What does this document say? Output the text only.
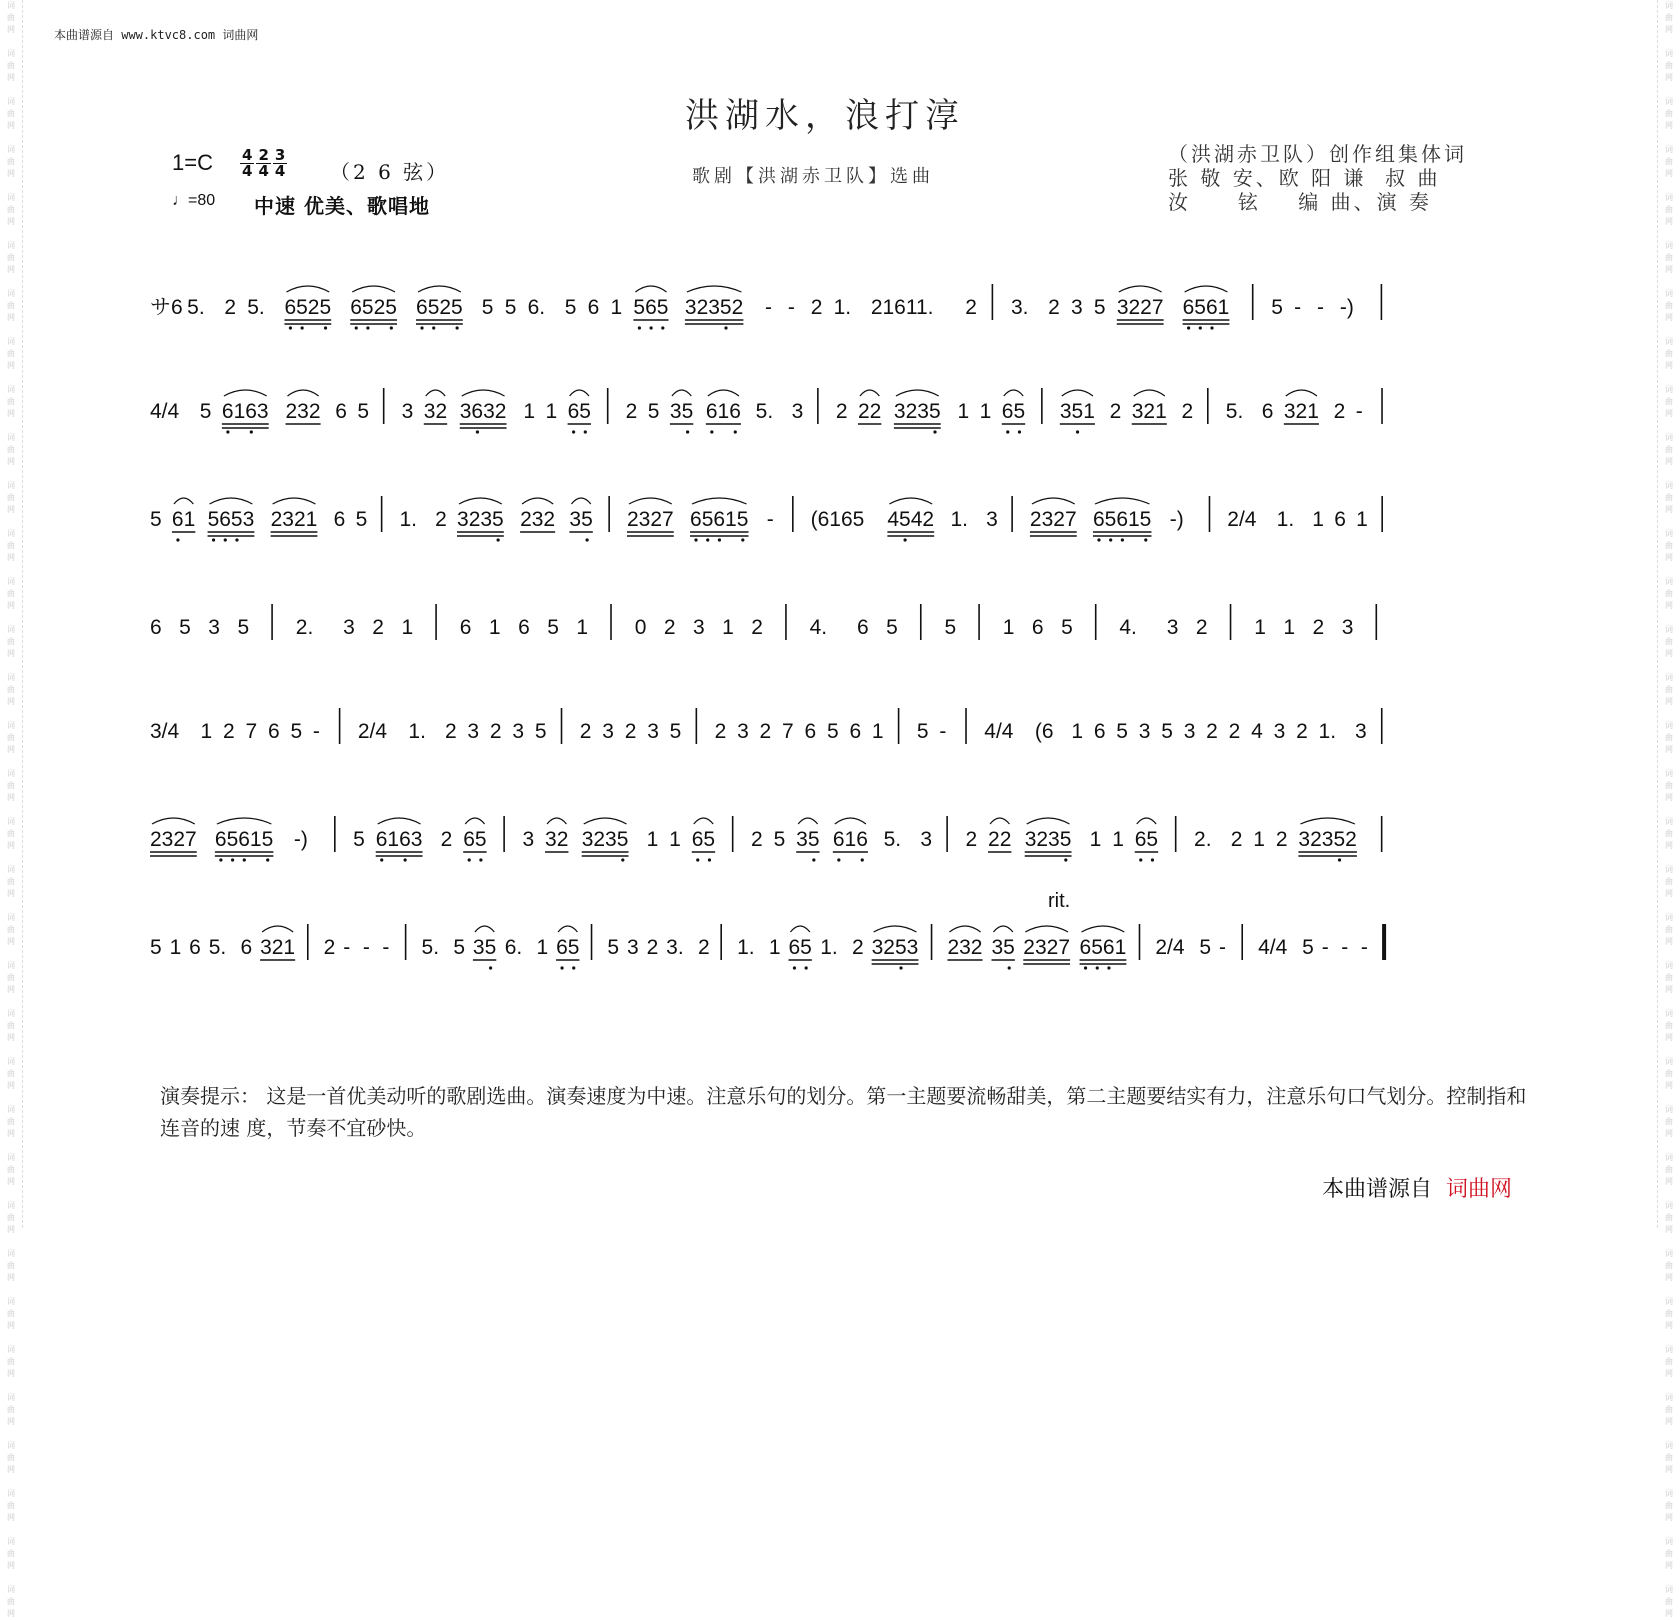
词
曲
网

词
曲
网

词
曲
网

词
曲
网

词
曲
网

词
曲
网

词
曲
网

词
曲
网

词
曲
网

词
曲
网

词
曲
网

词
曲
网

词
曲
网

词
曲
网

词
曲
网

词
曲
网

词
曲
网

词
曲
网

词
曲
网

词
曲
网

词
曲
网

词
曲
网

词
曲
网

词
曲
网

词
曲
网

词
曲
网

词
曲
网

词
曲
网

词
曲
网

词
曲
网

词
曲
网

词
曲
网

词
曲
网

词
曲
网

词
曲
网

词
曲
网

词
曲
网

词
曲
网

词
曲
网

词
曲
网

词
曲
网

词
曲
网

词
曲
网

词
曲
网

词
曲
网

词
曲
网

词
曲
网

词
曲
网

词
曲
网

词
曲
网

词
曲
网

词
曲
网

词
曲
网

词
曲
网

词
曲
网

词
曲
网

词
曲
网

词
曲
网

词
曲
网

词
曲
网

词
曲
网

词
曲
网

词
曲
网

词
曲
网

词
曲
网

词
曲
网

词
曲
网

词
曲
网

本曲谱源自 www.ktvc8.com 词曲网
洪湖水，浪打淳
$1=C \frac{4}{4} \frac{2}{4} \frac{3}{4} (2$ 6 弦）
♩=80 中速 优美、歌唱地
歌剧【洪湖赤卫队】选曲
（洪湖赤卫队）创作组集体词
张 敬 安、欧 阳 谦  叔 曲
汝     铉    编 曲、演 奏
サ6 5. 2 5. 6525 6525 6525 5 5 6. 5 6 1 565 32352 - - 2 1. 21611. 2 3. 2 3 5 3227 6561 5 - - -)
4/4 5 6163 232 6 5 3 32 3632 1 1 65 2 5 35 616 5. 3 2 22 3235 1 1 65 351 2 321 2 5. 6 321 2 -
5 61 5653 2321 6 5 1. 2 3235 232 35 2327 65615 - (6165 4542 1. 3 2327 65615 -) 2/4 1. 1 6 1
6 5 3 5 2. 3 2 1 6 1 6 5 1 0 2 3 1 2 4. 6 5 5 1 6 5 4. 3 2 1 1 2 3
3/4 1 2 7 6 5 - 2/4 1. 2 3 2 3 5 2 3 2 3 5 2 3 2 7 6 5 6 1 5 - 4/4 (6 1 6 5 3 5 3 2 2 4 3 2 1. 3
2327 65615 -) 5 6163 2 65 3 32 3235 1 1 65 2 5 35 616 5. 3 2 22 3235 1 1 65 2. 2 1 2 32352
5 1 6 5. 6 321 2 - - - 5. 5 35 6. 1 65 5 3 2 3. 2 1. 1 65 1. 2 3253 232 35 2327 6561 2/4 5 - 4/4 5 - - -
rit.
演奏提示： 这是一首优美动听的歌剧选曲。演奏速度为中速。注意乐句的划分。第一主题要流畅甜美，第二主题要结实有力，注意乐句口气划分。控制指和连音的速 度，节奏不宜砂快。
本曲谱源自 词曲网
